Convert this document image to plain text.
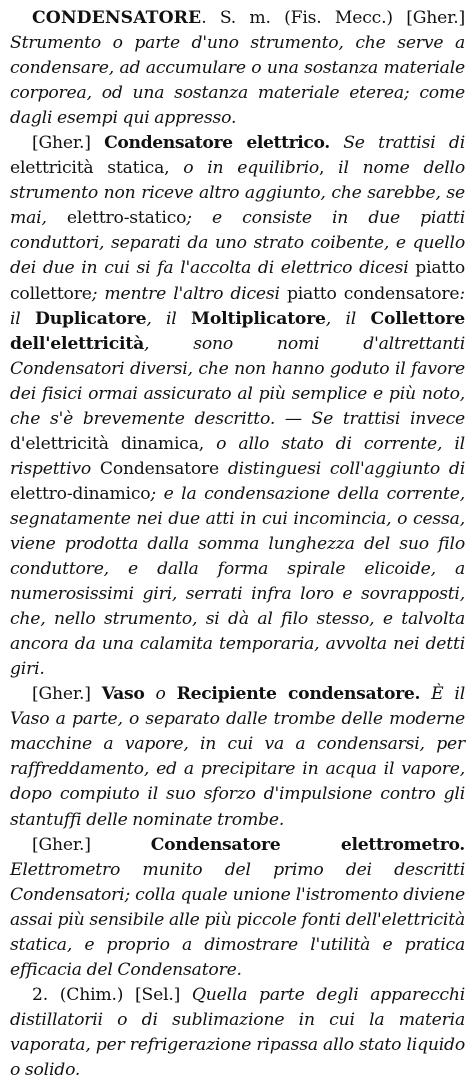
CONDENSATORE. S. m. (Fis. Mecc.) [Gher.] Strumento o parte d'uno strumento, che serve a condensare, ad accumulare o una sostanza materiale corporea, od una sostanza materiale eterea; come dagli esempi qui appresso.

[Gher.] Condensatore elettrico. Se trattisi di elettricità statica, o in equilibrio, il nome dello strumento non riceve altro aggiunto, che sarebbe, se mai, elettro-statico; e consiste in due piatti conduttori, separati da uno strato coibente, e quello dei due in cui si fa l'accolta di elettrico dicesi piatto collettore; mentre l'altro dicesi piatto condensatore: il Duplicatore, il Moltiplicatore, il Collettore dell'elettricità, sono nomi d'altrettanti Condensatori diversi, che non hanno goduto il favore dei fisici ormai assicurato al più semplice e più noto, che s'è brevemente descritto. — Se trattisi invece d'elettricità dinamica, o allo stato di corrente, il rispettivo Condensatore distinguesi coll'aggiunto di elettro-dinamico; e la condensazione della corrente, segnatamente nei due atti in cui incomincia, o cessa, viene prodotta dalla somma lunghezza del suo filo conduttore, e dalla forma spirale elicoide, a numerosissimi giri, serrati infra loro e sovrapposti, che, nello strumento, si dà al filo stesso, e talvolta ancora da una calamita temporaria, avvolta nei detti giri.

[Gher.] Vaso o Recipiente condensatore. È il Vaso a parte, o separato dalle trombe delle moderne macchine a vapore, in cui va a condensarsi, per raffreddamento, ed a precipitare in acqua il vapore, dopo compiuto il suo sforzo d'impulsione contro gli stantuffi delle nominate trombe.

[Gher.] Condensatore elettrometro. Elettrometro munito del primo dei descritti Condensatori; colla quale unione l'istromento diviene assai più sensibile alle più piccole fonti dell'elettricità statica, e proprio a dimostrare l'utilità e pratica efficacia del Condensatore.

2. (Chim.) [Sel.] Quella parte degli apparecchi distillatorii o di sublimazione in cui la materia vaporata, per refrigerazione ripassa allo stato liquido o solido.
